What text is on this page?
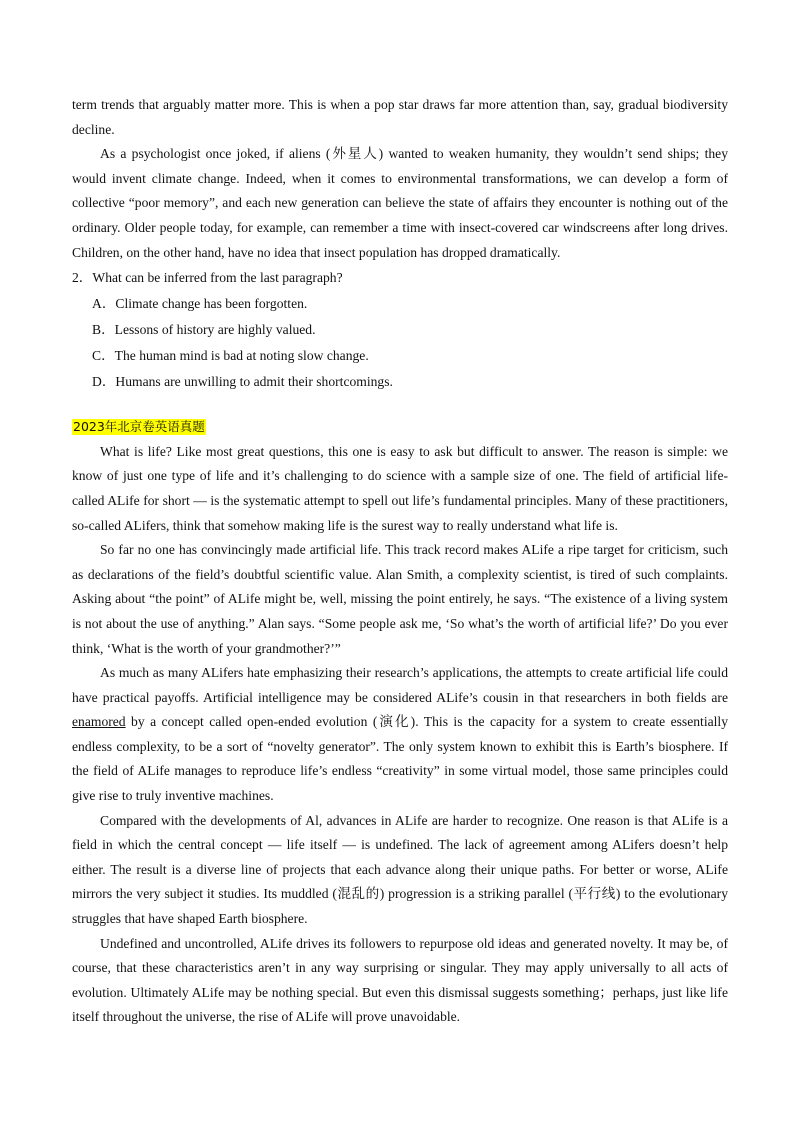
term trends that arguably matter more. This is when a pop star draws far more attention than, say, gradual biodiversity decline.

As a psychologist once joked, if aliens (外星人) wanted to weaken humanity, they wouldn’t send ships; they would invent climate change. Indeed, when it comes to environmental transformations, we can develop a form of collective “poor memory”, and each new generation can believe the state of affairs they encounter is nothing out of the ordinary. Older people today, for example, can remember a time with insect-covered car windscreens after long drives. Children, on the other hand, have no idea that insect population has dropped dramatically.

2．What can be inferred from the last paragraph?

A．Climate change has been forgotten.
B．Lessons of history are highly valued.
C．The human mind is bad at noting slow change.
D．Humans are unwilling to admit their shortcomings.
2023年北京卷英语真题

What is life? Like most great questions, this one is easy to ask but difficult to answer. The reason is simple: we know of just one type of life and it’s challenging to do science with a sample size of one. The field of artificial life-called ALife for short — is the systematic attempt to spell out life’s fundamental principles. Many of these practitioners, so-called ALifers, think that somehow making life is the surest way to really understand what life is.

So far no one has convincingly made artificial life. This track record makes ALife a ripe target for criticism, such as declarations of the field’s doubtful scientific value. Alan Smith, a complexity scientist, is tired of such complaints. Asking about “the point” of ALife might be, well, missing the point entirely, he says. “The existence of a living system is not about the use of anything.” Alan says. “Some people ask me, ‘So what’s the worth of artificial life?’ Do you ever think, ‘What is the worth of your grandmother?’”

As much as many ALifers hate emphasizing their research’s applications, the attempts to create artificial life could have practical payoffs. Artificial intelligence may be considered ALife’s cousin in that researchers in both fields are enamored by a concept called open-ended evolution (演化). This is the capacity for a system to create essentially endless complexity, to be a sort of “novelty generator”. The only system known to exhibit this is Earth’s biosphere. If the field of ALife manages to reproduce life’s endless “creativity” in some virtual model, those same principles could give rise to truly inventive machines.

Compared with the developments of Al, advances in ALife are harder to recognize. One reason is that ALife is a field in which the central concept — life itself — is undefined. The lack of agreement among ALifers doesn’t help either. The result is a diverse line of projects that each advance along their unique paths. For better or worse, ALife mirrors the very subject it studies. Its muddled (混乱的) progression is a striking parallel (平行线) to the evolutionary struggles that have shaped Earth biosphere.

Undefined and uncontrolled, ALife drives its followers to repurpose old ideas and generated novelty. It may be, of course, that these characteristics aren’t in any way surprising or singular. They may apply universally to all acts of evolution. Ultimately ALife may be nothing special. But even this dismissal suggests something；perhaps, just like life itself throughout the universe, the rise of ALife will prove unavoidable.
